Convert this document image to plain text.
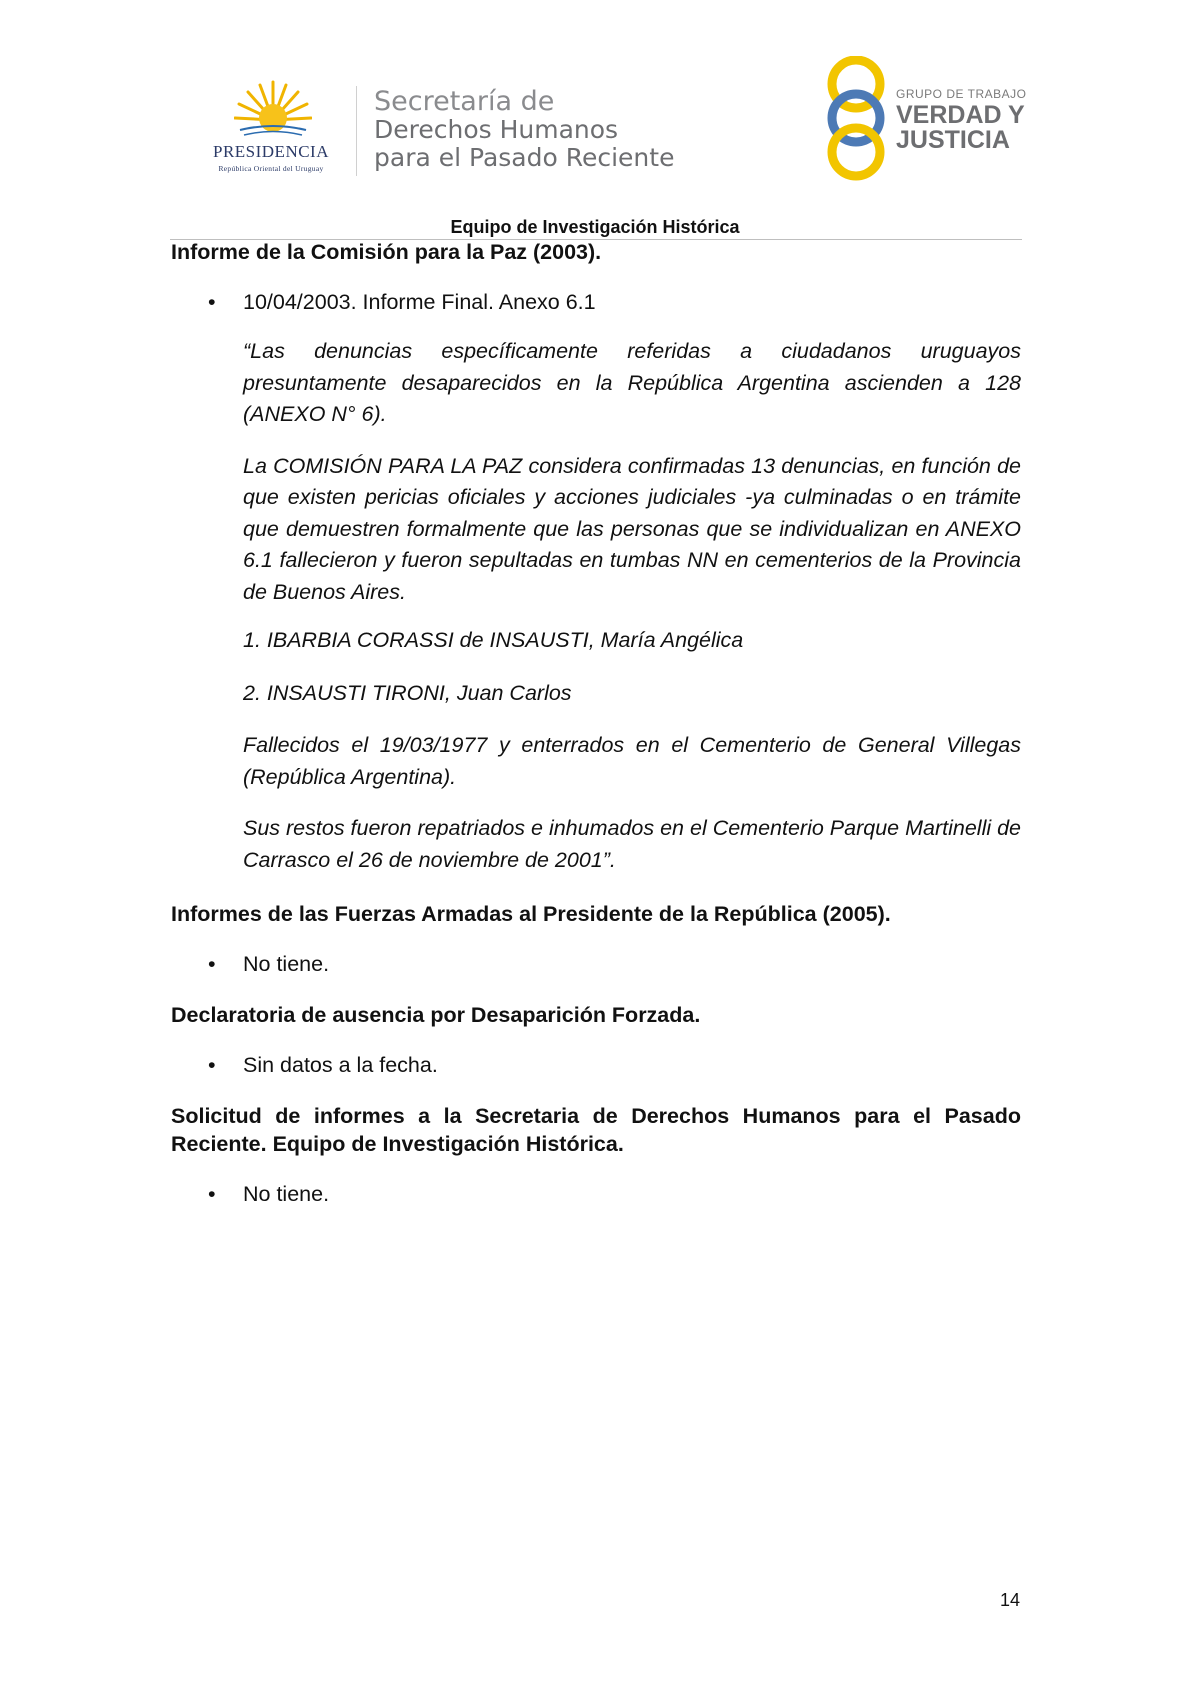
PRESIDENCIA
República Oriental del Uruguay
Secretaría de
Derechos Humanos
para el Pasado Reciente
GRUPO DE TRABAJO
VERDAD Y
JUSTICIA
Equipo de Investigación Histórica
Informe de la Comisión para la Paz (2003).
• 10/04/2003. Informe Final. Anexo 6.1

“Las denuncias específicamente referidas a ciudadanos uruguayos presuntamente desaparecidos en la República Argentina ascienden a 128 (ANEXO N° 6).

La COMISIÓN PARA LA PAZ considera confirmadas 13 denuncias, en función de que existen pericias oficiales y acciones judiciales -ya culminadas o en trámite que demuestren formalmente que las personas que se individualizan en ANEXO 6.1 fallecieron y fueron sepultadas en tumbas NN en cementerios de la Provincia de Buenos Aires.

1. IBARBIA CORASSI de INSAUSTI, María Angélica

2. INSAUSTI TIRONI, Juan Carlos

Fallecidos el 19/03/1977 y enterrados en el Cementerio de General Villegas (República Argentina).

Sus restos fueron repatriados e inhumados en el Cementerio Parque Martinelli de Carrasco el 26 de noviembre de 2001”.

Informes de las Fuerzas Armadas al Presidente de la República (2005).
• No tiene.
Declaratoria de ausencia por Desaparición Forzada.
• Sin datos a la fecha.
Solicitud de informes a la Secretaria de Derechos Humanos para el Pasado Reciente. Equipo de Investigación Histórica.
• No tiene.
14
